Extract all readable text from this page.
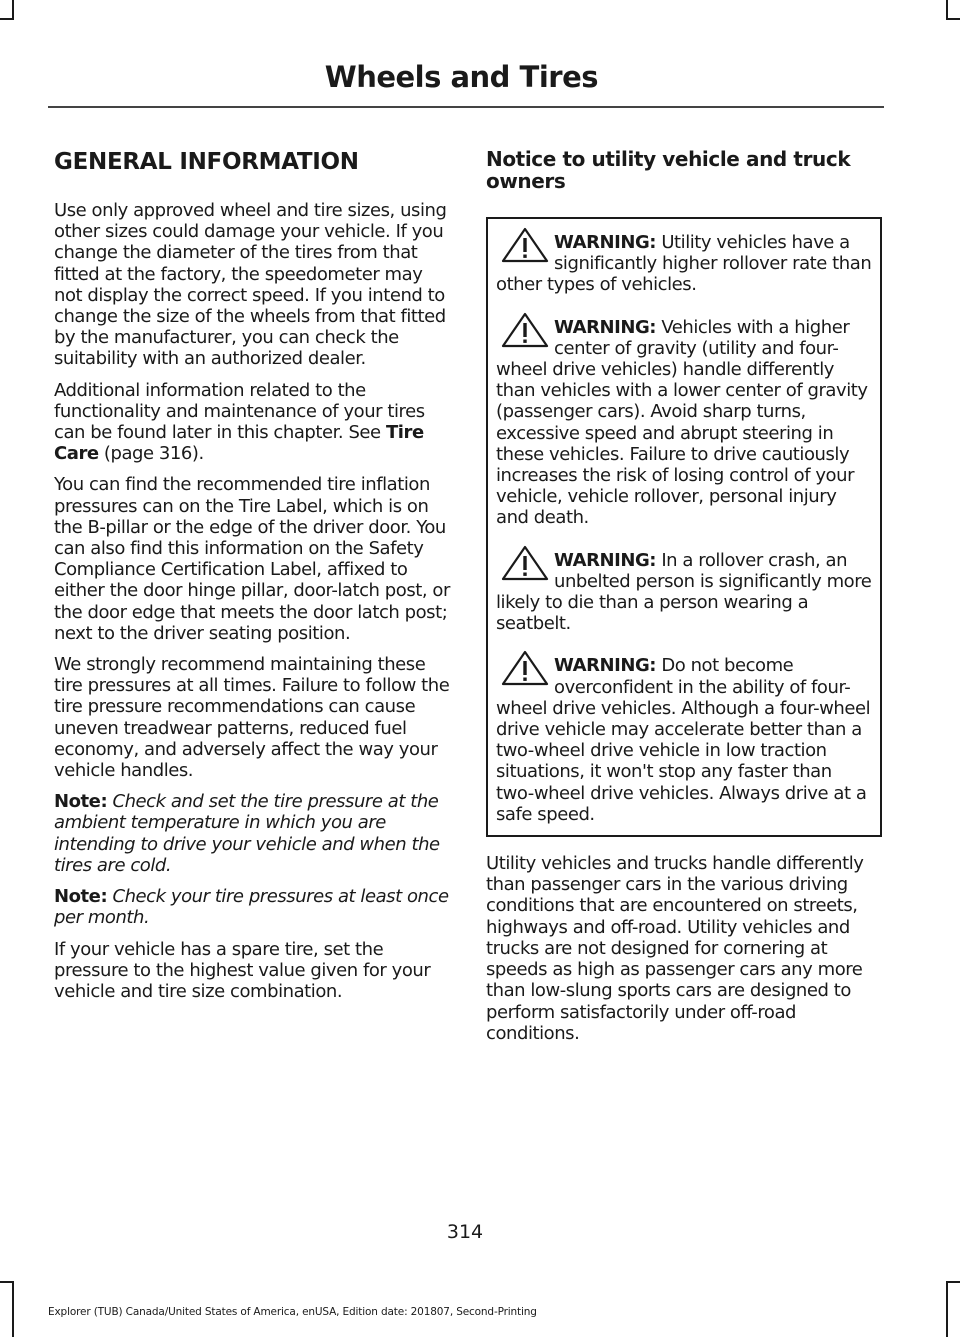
Wheels and Tires
GENERAL INFORMATION

Use only approved wheel and tire sizes, using other sizes could damage your vehicle. If you change the diameter of the tires from that fitted at the factory, the speedometer may not display the correct speed. If you intend to change the size of the wheels from that fitted by the manufacturer, you can check the suitability with an authorized dealer.

Additional information related to the functionality and maintenance of your tires can be found later in this chapter. See Tire Care (page 316).

You can find the recommended tire inflation pressures can on the Tire Label, which is on the B-pillar or the edge of the driver door. You can also find this information on the Safety Compliance Certification Label, affixed to either the door hinge pillar, door-latch post, or the door edge that meets the door latch post; next to the driver seating position.

We strongly recommend maintaining these tire pressures at all times. Failure to follow the tire pressure recommendations can cause uneven treadwear patterns, reduced fuel economy, and adversely affect the way your vehicle handles.

Note: Check and set the tire pressure at the ambient temperature in which you are intending to drive your vehicle and when the tires are cold.

Note: Check your tire pressures at least once per month.

If your vehicle has a spare tire, set the pressure to the highest value given for your vehicle and tire size combination.

Notice to utility vehicle and truck owners
WARNING: Utility vehicles have a significantly higher rollover rate than other types of vehicles.
WARNING: Vehicles with a higher center of gravity (utility and four-wheel drive vehicles) handle differently than vehicles with a lower center of gravity (passenger cars). Avoid sharp turns, excessive speed and abrupt steering in these vehicles. Failure to drive cautiously increases the risk of losing control of your vehicle, vehicle rollover, personal injury and death.
WARNING: In a rollover crash, an unbelted person is significantly more likely to die than a person wearing a seatbelt.
WARNING: Do not become overconfident in the ability of four-wheel drive vehicles. Although a four-wheel drive vehicle may accelerate better than a two-wheel drive vehicle in low traction situations, it won't stop any faster than two-wheel drive vehicles. Always drive at a safe speed.

Utility vehicles and trucks handle differently than passenger cars in the various driving conditions that are encountered on streets, highways and off-road. Utility vehicles and trucks are not designed for cornering at speeds as high as passenger cars any more than low-slung sports cars are designed to perform satisfactorily under off-road conditions.

314
Explorer (TUB) Canada/United States of America, enUSA, Edition date: 201807, Second-Printing
